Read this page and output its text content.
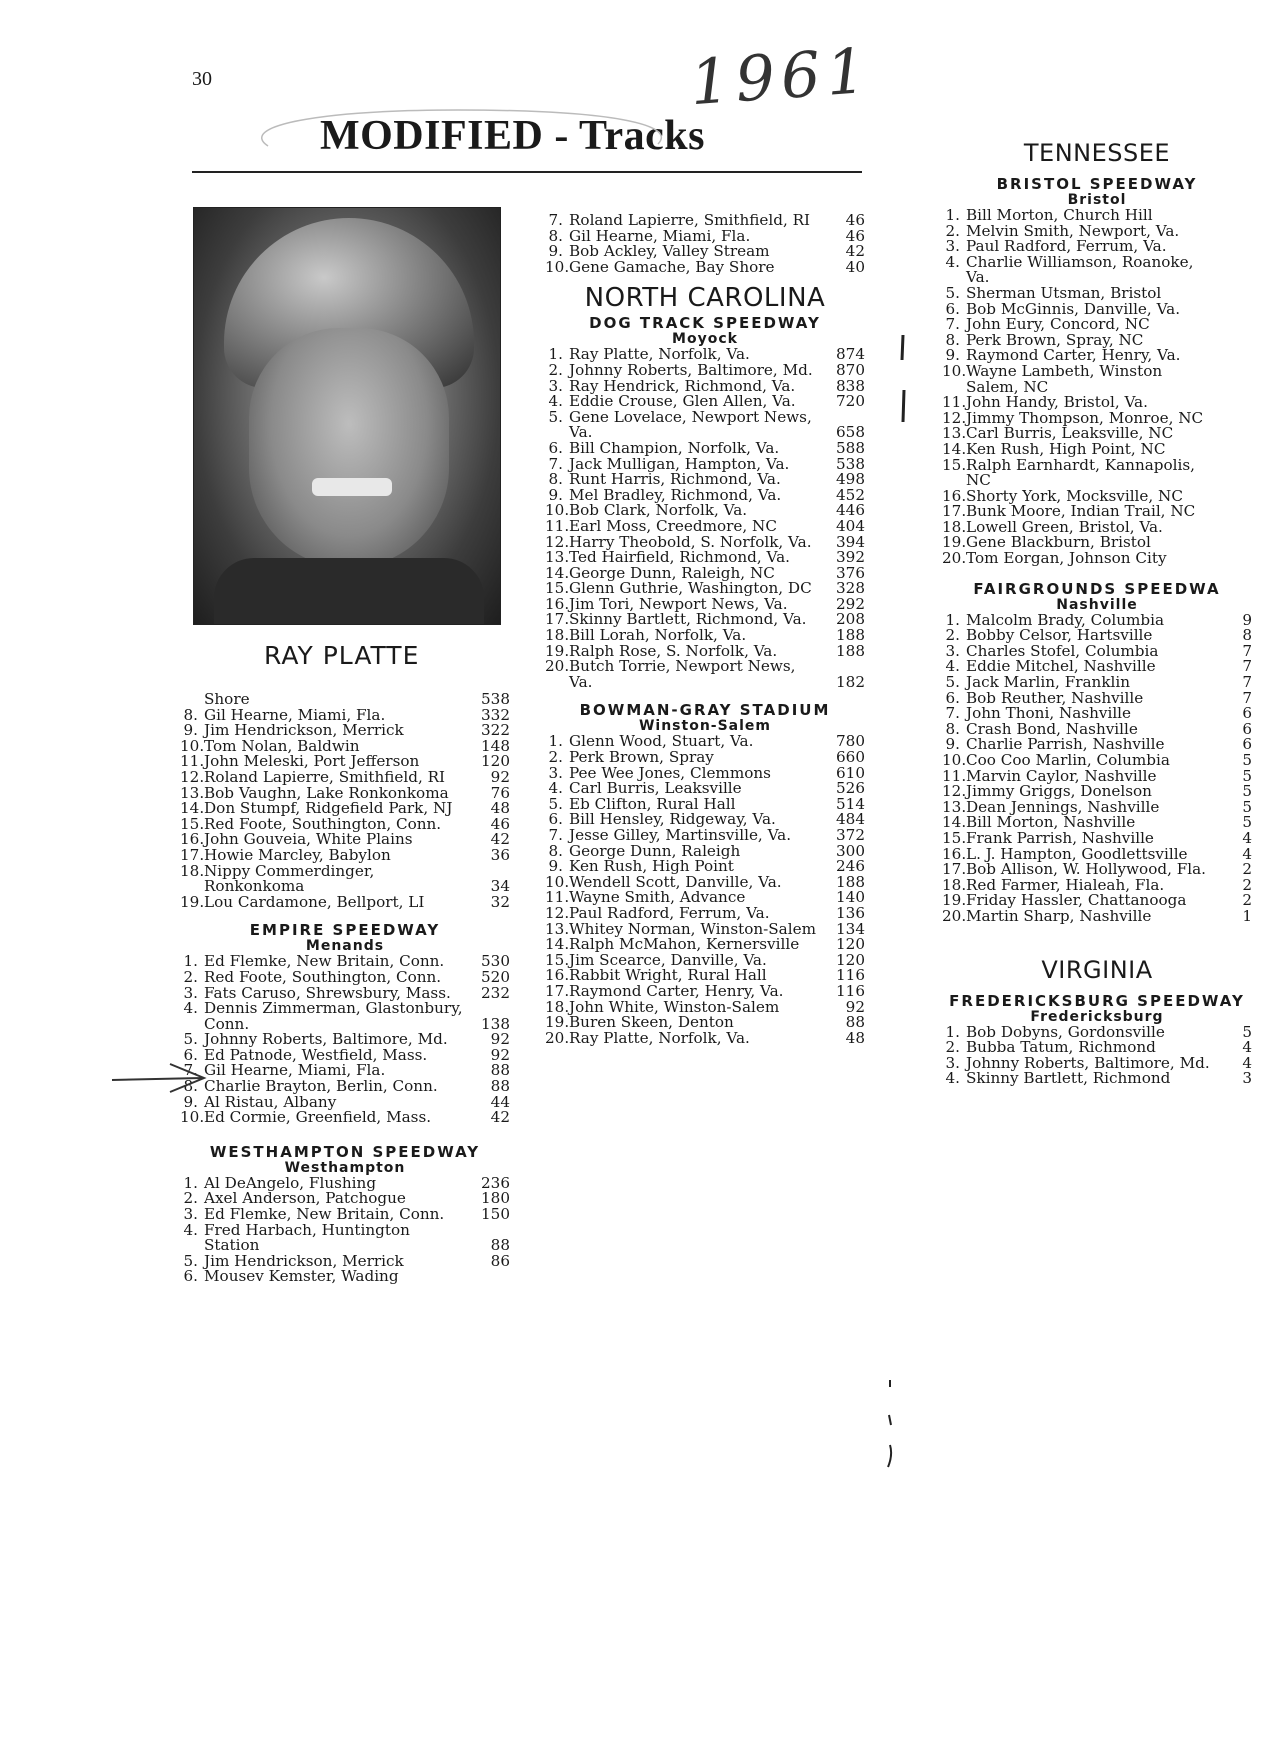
30	1961
MODIFIED - Tracks
RAY PLATTE
Shore	538
8. Gil Hearne, Miami, Fla.	332
9. Jim Hendrickson, Merrick	322
10. Tom Nolan, Baldwin	148
11. John Meleski, Port Jefferson	120
12. Roland Lapierre, Smithfield, RI	92
13. Bob Vaughn, Lake Ronkonkoma	76
14. Don Stumpf, Ridgefield Park, NJ	48
15. Red Foote, Southington, Conn.	46
16. John Gouveia, White Plains	42
17. Howie Marcley, Babylon	36
18. Nippy Commerdinger, Ronkonkoma	34
19. Lou Cardamone, Bellport, LI	32
EMPIRE SPEEDWAY
Menands
1. Ed Flemke, New Britain, Conn.	530
2. Red Foote, Southington, Conn.	520
3. Fats Caruso, Shrewsbury, Mass.	232
4. Dennis Zimmerman, Glastonbury, Conn.	138
5. Johnny Roberts, Baltimore, Md.	92
6. Ed Patnode, Westfield, Mass.	92
7. Gil Hearne, Miami, Fla.	88
8. Charlie Brayton, Berlin, Conn.	88
9. Al Ristau, Albany	44
10. Ed Cormie, Greenfield, Mass.	42
WESTHAMPTON SPEEDWAY
Westhampton
1. Al DeAngelo, Flushing	236
2. Axel Anderson, Patchogue	180
3. Ed Flemke, New Britain, Conn.	150
4. Fred Harbach, Huntington Station	88
5. Jim Hendrickson, Merrick	86
6. Mousev Kemster, Wading
7. Roland Lapierre, Smithfield, RI	46
8. Gil Hearne, Miami, Fla.	46
9. Bob Ackley, Valley Stream	42
10. Gene Gamache, Bay Shore	40
NORTH CAROLINA
DOG TRACK SPEEDWAY
Moyock
1. Ray Platte, Norfolk, Va.	874
2. Johnny Roberts, Baltimore, Md.	870
3. Ray Hendrick, Richmond, Va.	838
4. Eddie Crouse, Glen Allen, Va.	720
5. Gene Lovelace, Newport News, Va.	658
6. Bill Champion, Norfolk, Va.	588
7. Jack Mulligan, Hampton, Va.	538
8. Runt Harris, Richmond, Va.	498
9. Mel Bradley, Richmond, Va.	452
10. Bob Clark, Norfolk, Va.	446
11. Earl Moss, Creedmore, NC	404
12. Harry Theobold, S. Norfolk, Va.	394
13. Ted Hairfield, Richmond, Va.	392
14. George Dunn, Raleigh, NC	376
15. Glenn Guthrie, Washington, DC	328
16. Jim Tori, Newport News, Va.	292
17. Skinny Bartlett, Richmond, Va.	208
18. Bill Lorah, Norfolk, Va.	188
19. Ralph Rose, S. Norfolk, Va.	188
20. Butch Torrie, Newport News, Va.	182
BOWMAN-GRAY STADIUM
Winston-Salem
1. Glenn Wood, Stuart, Va.	780
2. Perk Brown, Spray	660
3. Pee Wee Jones, Clemmons	610
4. Carl Burris, Leaksville	526
5. Eb Clifton, Rural Hall	514
6. Bill Hensley, Ridgeway, Va.	484
7. Jesse Gilley, Martinsville, Va.	372
8. George Dunn, Raleigh	300
9. Ken Rush, High Point	246
10. Wendell Scott, Danville, Va.	188
11. Wayne Smith, Advance	140
12. Paul Radford, Ferrum, Va.	136
13. Whitey Norman, Winston-Salem	134
14. Ralph McMahon, Kernersville	120
15. Jim Scearce, Danville, Va.	120
16. Rabbit Wright, Rural Hall	116
17. Raymond Carter, Henry, Va.	116
18. John White, Winston-Salem	92
19. Buren Skeen, Denton	88
20. Ray Platte, Norfolk, Va.	48
TENNESSEE
BRISTOL SPEEDWAY
Bristol
1. Bill Morton, Church Hill
2. Melvin Smith, Newport, Va.
3. Paul Radford, Ferrum, Va.
4. Charlie Williamson, Roanoke, Va.
5. Sherman Utsman, Bristol
6. Bob McGinnis, Danville, Va.
7. John Eury, Concord, NC
8. Perk Brown, Spray, NC
9. Raymond Carter, Henry, Va.
10. Wayne Lambeth, Winston Salem, NC
11. John Handy, Bristol, Va.
12. Jimmy Thompson, Monroe, NC
13. Carl Burris, Leaksville, NC
14. Ken Rush, High Point, NC
15. Ralph Earnhardt, Kannapolis, NC
16. Shorty York, Mocksville, NC
17. Bunk Moore, Indian Trail, NC
18. Lowell Green, Bristol, Va.
19. Gene Blackburn, Bristol
20. Tom Eorgan, Johnson City
FAIRGROUNDS SPEEDWA
Nashville
1. Malcolm Brady, Columbia	9
2. Bobby Celsor, Hartsville	8
3. Charles Stofel, Columbia	7
4. Eddie Mitchel, Nashville	7
5. Jack Marlin, Franklin	7
6. Bob Reuther, Nashville	7
7. John Thoni, Nashville	6
8. Crash Bond, Nashville	6
9. Charlie Parrish, Nashville	6
10. Coo Coo Marlin, Columbia	5
11. Marvin Caylor, Nashville	5
12. Jimmy Griggs, Donelson	5
13. Dean Jennings, Nashville	5
14. Bill Morton, Nashville	5
15. Frank Parrish, Nashville	4
16. L. J. Hampton, Goodlettsville	4
17. Bob Allison, W. Hollywood, Fla.	2
18. Red Farmer, Hialeah, Fla.	2
19. Friday Hassler, Chattanooga	2
20. Martin Sharp, Nashville	1
VIRGINIA
FREDERICKSBURG SPEEDWAY
Fredericksburg
1. Bob Dobyns, Gordonsville	5
2. Bubba Tatum, Richmond	4
3. Johnny Roberts, Baltimore, Md.	4
4. Skinny Bartlett, Richmond	3
